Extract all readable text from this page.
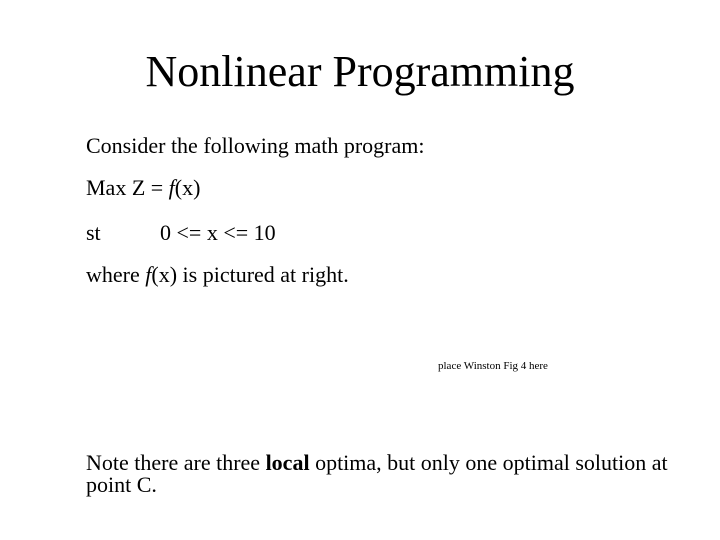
Nonlinear Programming
Consider the following math program:
Max Z = f(x)
st	0 <= x <= 10
where f(x) is pictured at right.
place Winston Fig 4 here
Note there are three local optima, but only one optimal solution at point C.
